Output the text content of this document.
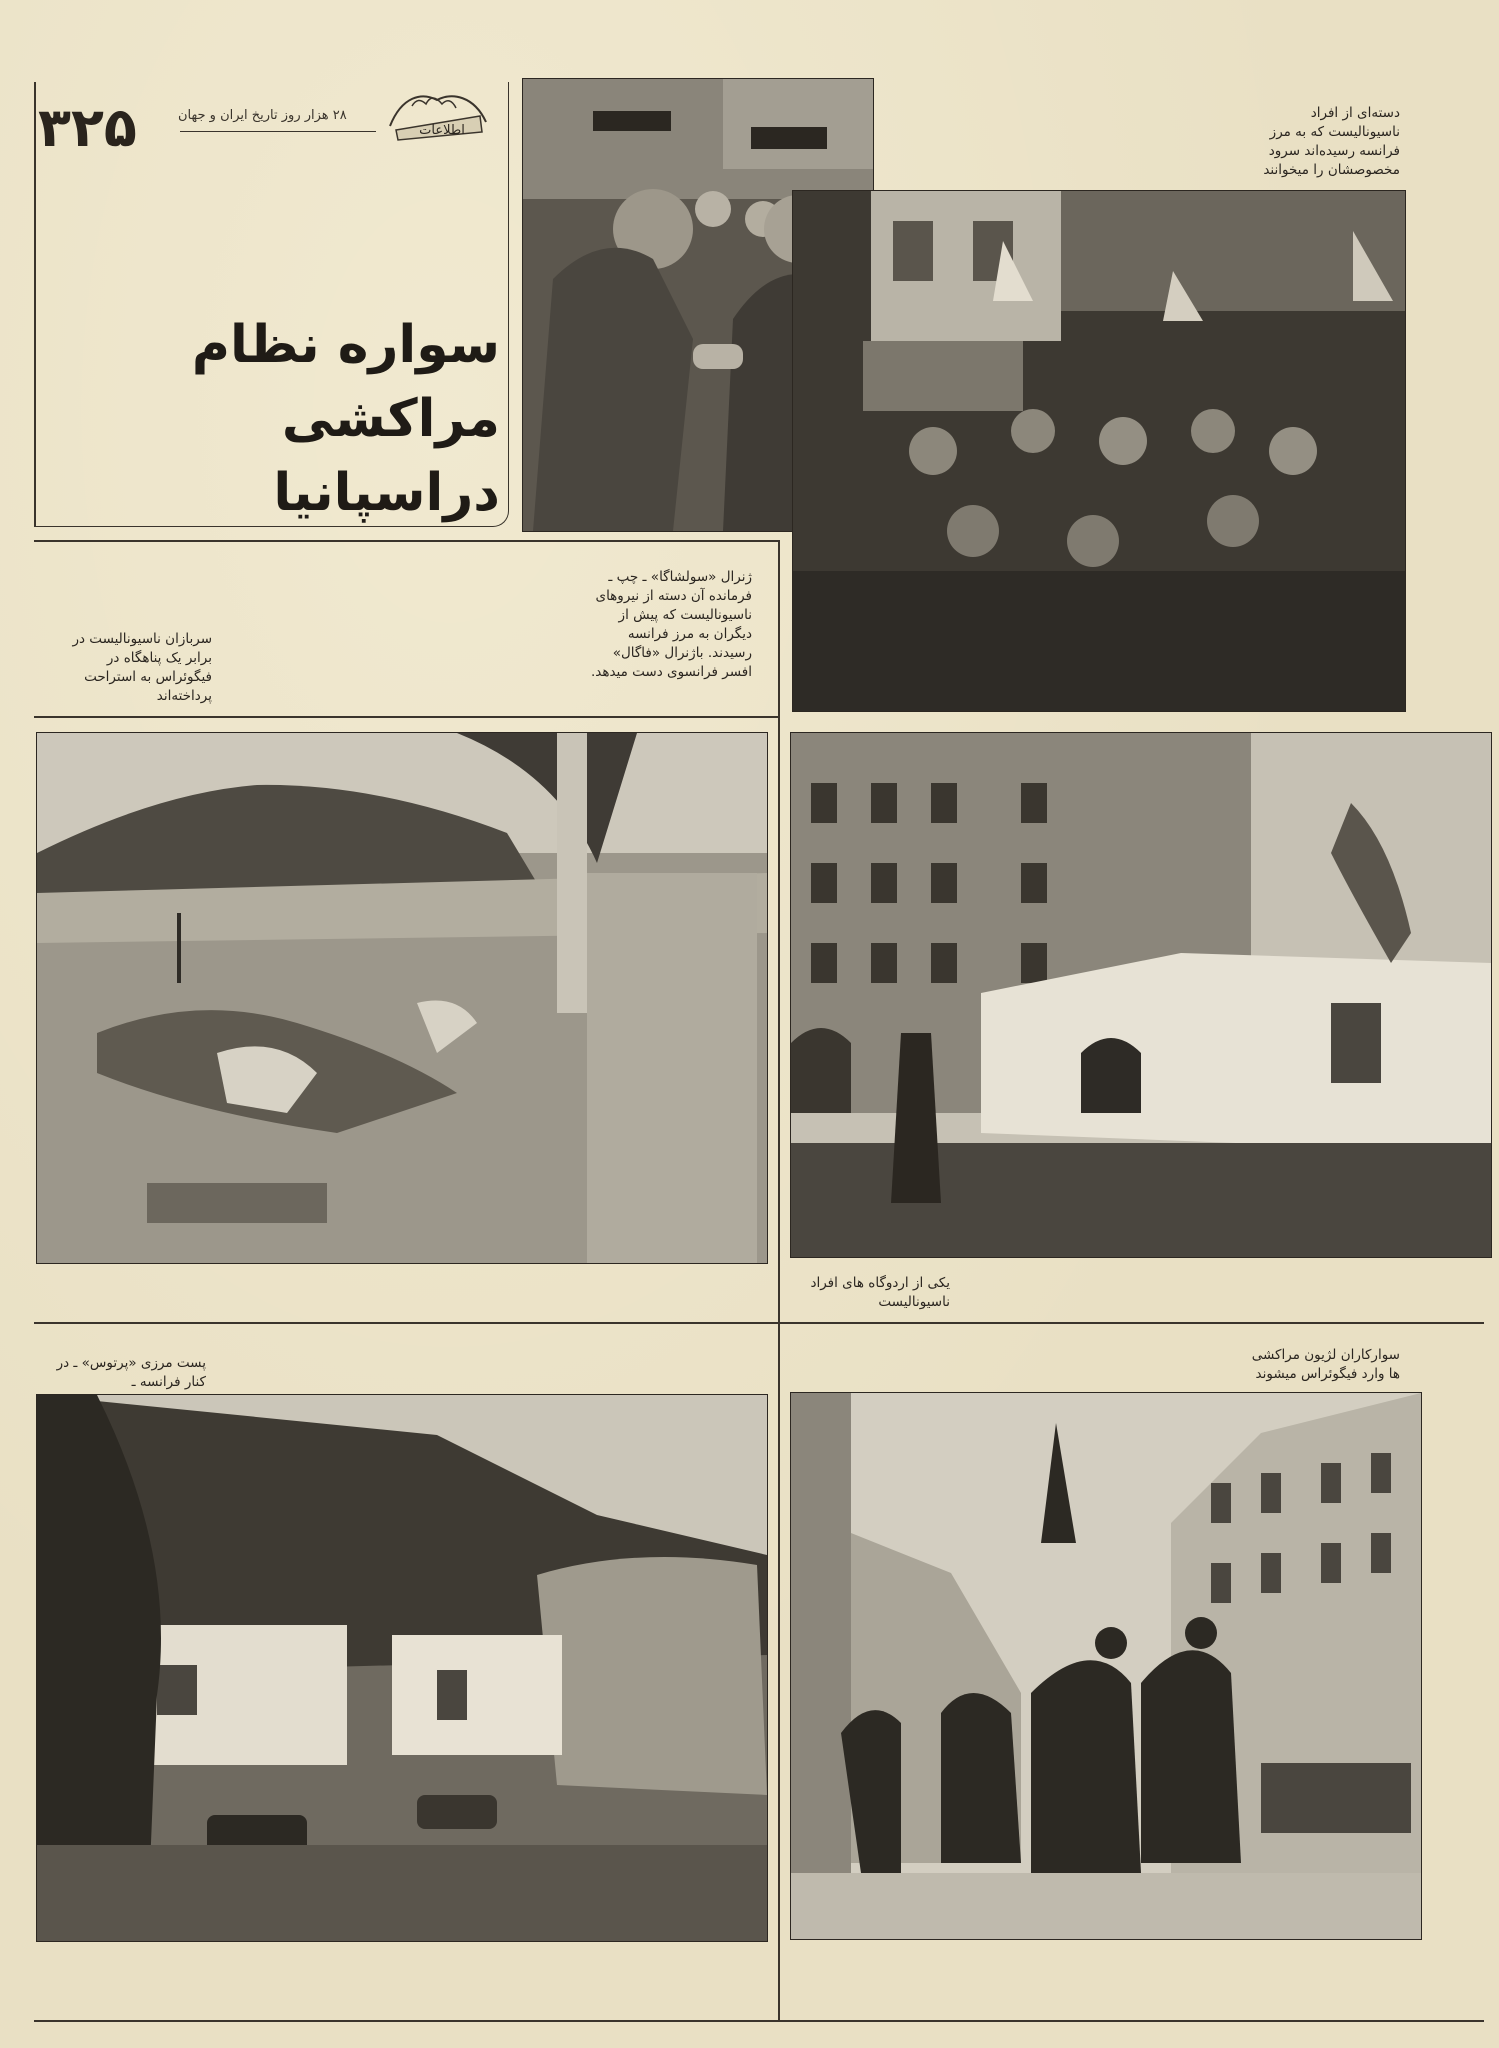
۳۲۵	۲۸ هزار روز تاریخ ایران و جهان
اطلاعات
سواره نظام مراکشی
دراسپانیا
دسته‌ای از افراد ناسیونالیست که به مرز فرانسه رسیده‌اند سرود مخصوصشان را میخوانند
ژنرال «سولشاگا» ـ چپ ـ فرمانده آن دسته از نیروهای ناسیونالیست که پیش از دیگران به مرز فرانسه رسیدند. باژنرال «فاگال» افسر فرانسوی دست میدهد.
سربازان ناسیونالیست در برابر یک پناهگاه در فیگوئراس به استراحت پرداخته‌اند
یکی از اردوگاه های افراد ناسیونالیست
پست مرزی «پرتوس» ـ در کنار فرانسه ـ
سوارکاران لژیون مراکشی ها وارد فیگوئراس میشوند
